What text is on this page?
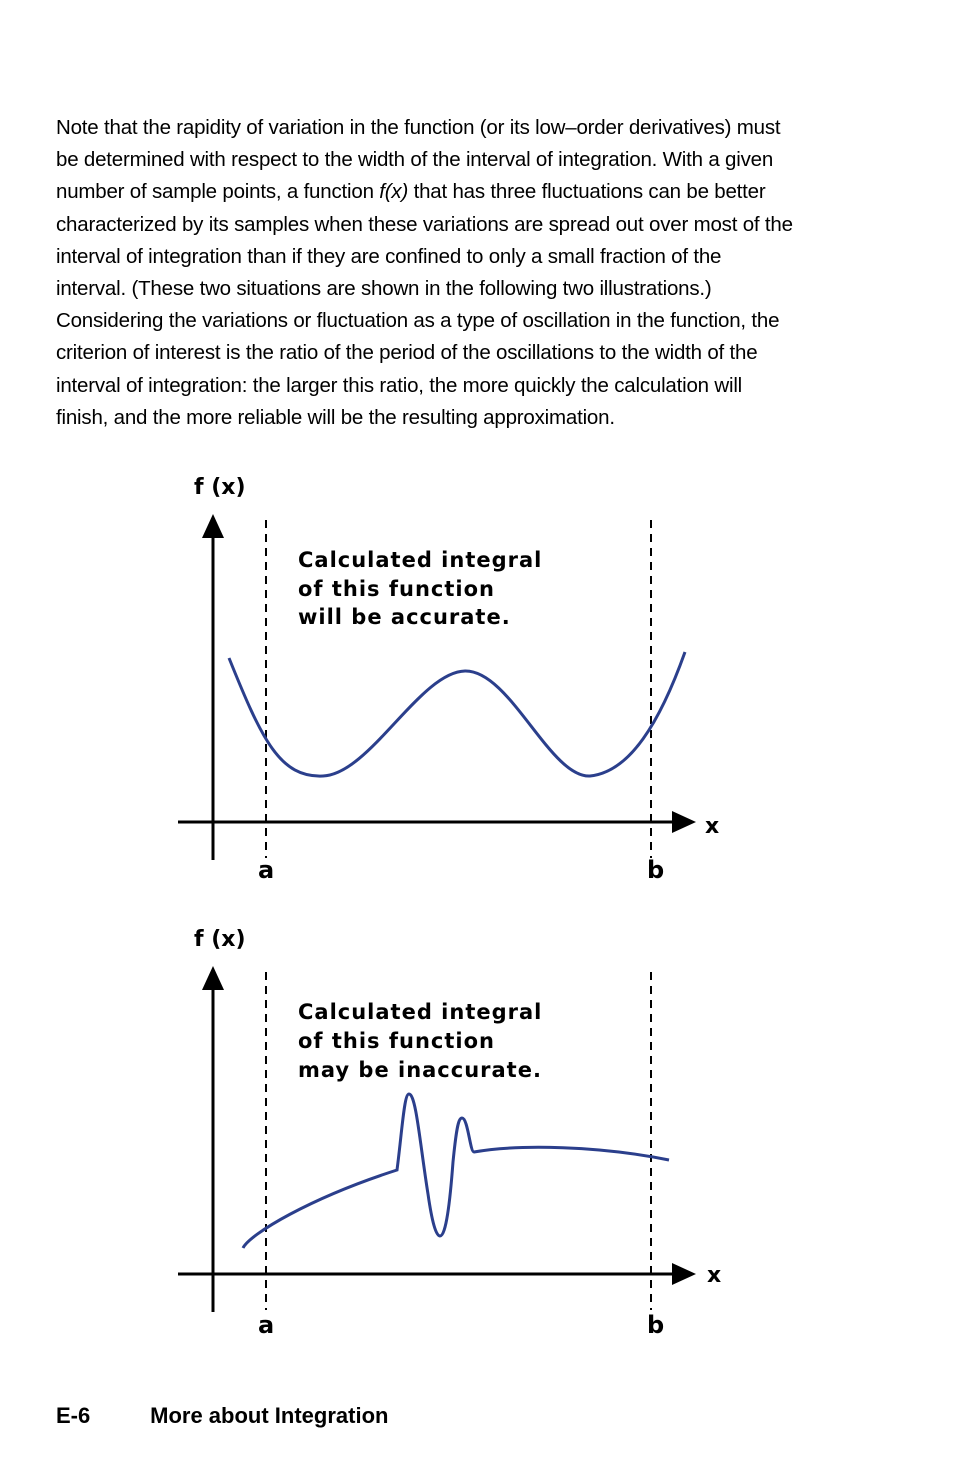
Note that the rapidity of variation in the function (or its low–order derivatives) must
be determined with respect to the width of the interval of integration. With a given
number of sample points, a function f(x) that has three fluctuations can be better
characterized by its samples when these variations are spread out over most of the
interval of integration than if they are confined to only a small fraction of the
interval. (These two situations are shown in the following two illustrations.)
Considering the variations or fluctuation as a type of oscillation in the function, the
criterion of interest is the ratio of the period of the oscillations to the width of the
interval of integration: the larger this ratio, the more quickly the calculation will
finish, and the more reliable will be the resulting approximation.

f (x)
x
a	b
Calculated integral
of this function
will be accurate.
f (x)
x
a	b
Calculated integral
of this function
may be inaccurate.
E-6	More about Integration
